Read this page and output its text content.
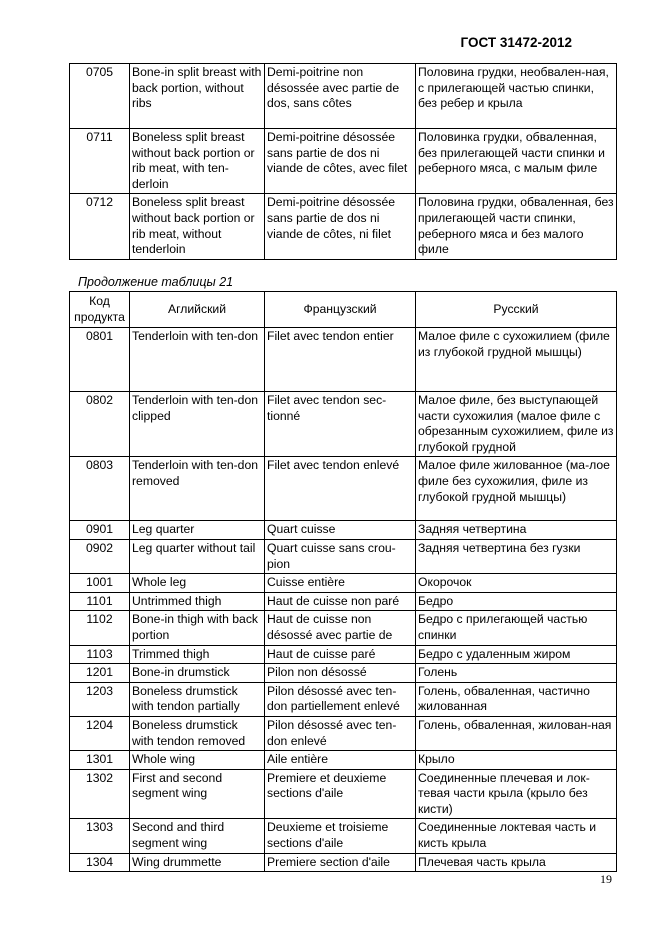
ГОСТ 31472-2012
0705	Bone-in split breast with back portion, without ribs	Demi-poitrine non désossée avec partie de dos, sans côtes	Половина грудки, необвален-ная, с прилегающей частью спинки, без ребер и крыла
0711	Boneless split breast without back portion or rib meat, with ten-derloin	Demi-poitrine désossée sans partie de dos ni viande de côtes, avec filet	Половинка грудки, обваленная, без прилегающей части спинки и реберного мяса, с малым филе
0712	Boneless split breast without back portion or rib meat, without tenderloin	Demi-poitrine désossée sans partie de dos ni viande de côtes, ni filet	Половина грудки, обваленная, без прилегающей части спинки, реберного мяса и без малого филе
Продолжение таблицы 21
Код продукта	Аглийский	Французский	Русский
0801	Tenderloin with ten-don	Filet avec tendon entier	Малое филе с сухожилием (филе из глубокой грудной мышцы)
0802	Tenderloin with ten-don clipped	Filet avec tendon sec-tionné	Малое филе, без выступающей части сухожилия (малое филе с обрезанным сухожилием, филе из глубокой грудной
0803	Tenderloin with ten-don removed	Filet avec tendon enlevé	Малое филе жилованное (ма-лое филе без сухожилия, филе из глубокой грудной мышцы)
0901	Leg quarter	Quart cuisse	Задняя четвертина
0902	Leg quarter without tail	Quart cuisse sans crou-pion	Задняя четвертина без гузки
1001	Whole leg	Cuisse entière	Окорочок
1101	Untrimmed thigh	Haut de cuisse non paré	Бедро
1102	Bone-in thigh with back portion	Haut de cuisse non désossé avec partie de	Бедро с прилегающей частью спинки
1103	Trimmed thigh	Haut de cuisse paré	Бедро с удаленным жиром
1201	Bone-in drumstick	Pilon non désossé	Голень
1203	Boneless drumstick with tendon partially	Pilon désossé avec ten-don partiellement enlevé	Голень, обваленная, частично жилованная
1204	Boneless drumstick with tendon removed	Pilon désossé avec ten-don enlevé	Голень, обваленная, жилован-ная
1301	Whole wing	Aile entière	Крыло
1302	First and second segment wing	Premiere et deuxieme sections d'aile	Соединенные плечевая и лок-тевая части крыла (крыло без кисти)
1303	Second and third segment wing	Deuxieme et troisieme sections d'aile	Соединенные локтевая часть и кисть крыла
1304	Wing drummette	Premiere section d'aile	Плечевая часть крыла
19
